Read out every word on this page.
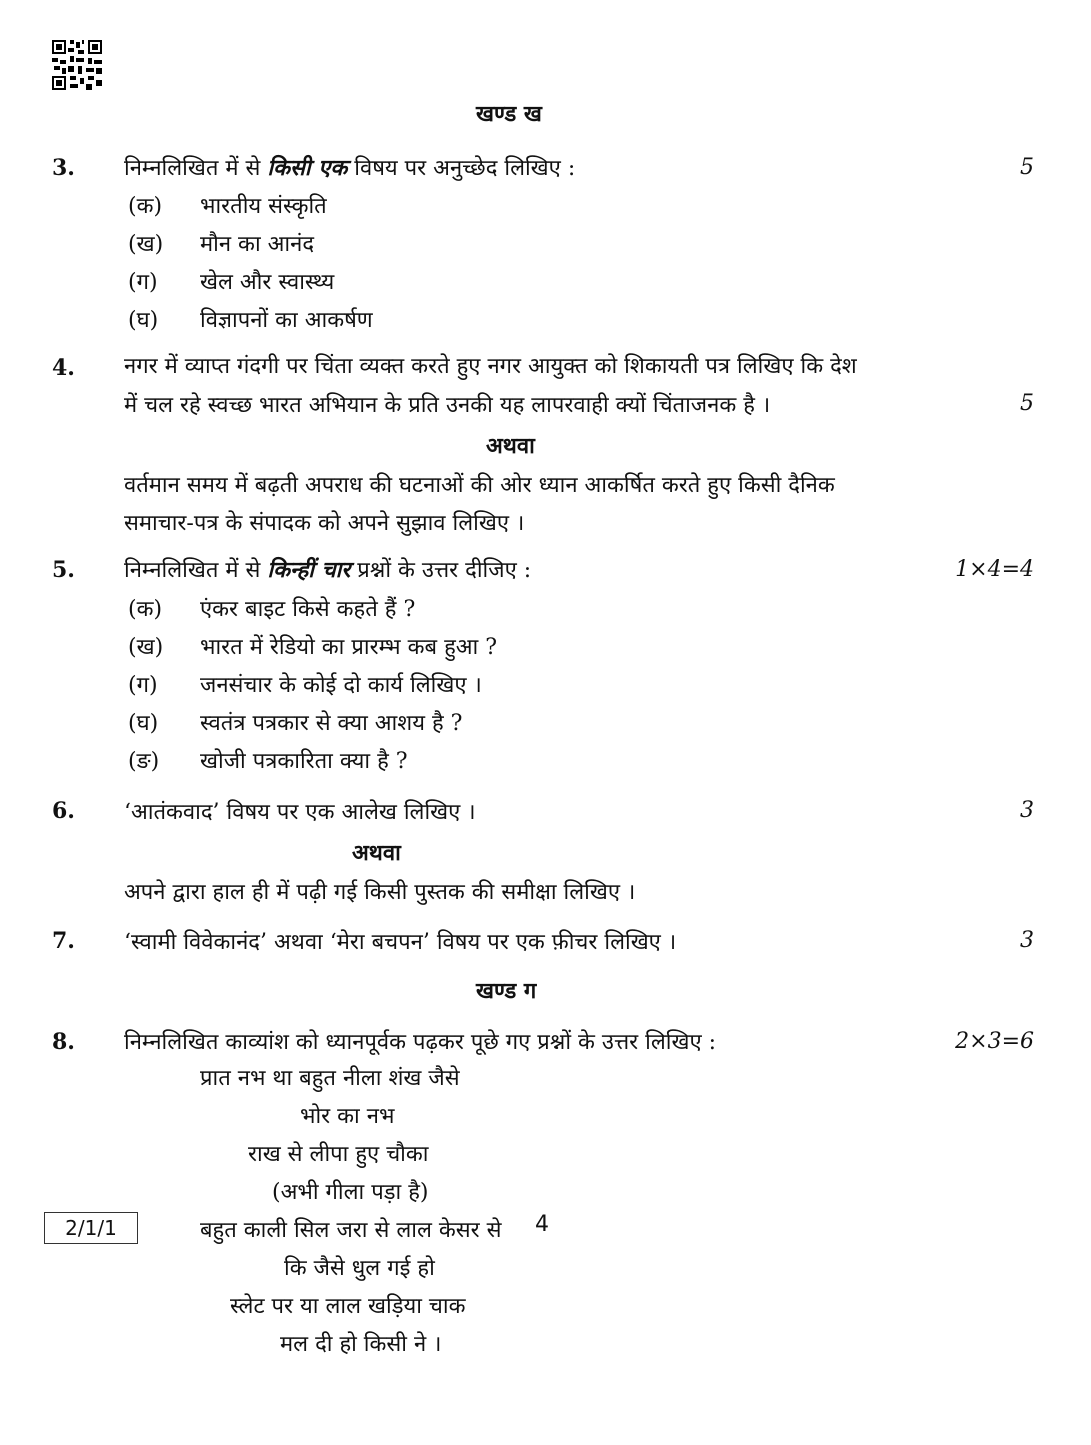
खण्ड ख
3. निम्नलिखित में से किसी एक विषय पर अनुच्छेद लिखिए :	5
(क) भारतीय संस्कृति
(ख) मौन का आनंद
(ग) खेल और स्वास्थ्य
(घ) विज्ञापनों का आकर्षण
4. नगर में व्याप्त गंदगी पर चिंता व्यक्त करते हुए नगर आयुक्त को शिकायती पत्र लिखिए कि देश
में चल रहे स्वच्छ भारत अभियान के प्रति उनकी यह लापरवाही क्यों चिंताजनक है ।	5
अथवा
वर्तमान समय में बढ़ती अपराध की घटनाओं की ओर ध्यान आकर्षित करते हुए किसी दैनिक
समाचार-पत्र के संपादक को अपने सुझाव लिखिए ।
5. निम्नलिखित में से किन्हीं चार प्रश्नों के उत्तर दीजिए :	1×4=4
(क) एंकर बाइट किसे कहते हैं ?
(ख) भारत में रेडियो का प्रारम्भ कब हुआ ?
(ग) जनसंचार के कोई दो कार्य लिखिए ।
(घ) स्वतंत्र पत्रकार से क्या आशय है ?
(ङ) खोजी पत्रकारिता क्या है ?
6. ‘आतंकवाद’ विषय पर एक आलेख लिखिए ।	3
अथवा
अपने द्वारा हाल ही में पढ़ी गई किसी पुस्तक की समीक्षा लिखिए ।
7. ‘स्वामी विवेकानंद’ अथवा ‘मेरा बचपन’ विषय पर एक फ़ीचर लिखिए ।	3
खण्ड ग
8. निम्नलिखित काव्यांश को ध्यानपूर्वक पढ़कर पूछे गए प्रश्नों के उत्तर लिखिए :	2×3=6
प्रात नभ था बहुत नीला शंख जैसे
भोर का नभ
राख से लीपा हुए चौका
(अभी गीला पड़ा है)
बहुत काली सिल जरा से लाल केसर से
कि जैसे धुल गई हो
स्लेट पर या लाल खड़िया चाक
मल दी हो किसी ने ।
2/1/1	4
